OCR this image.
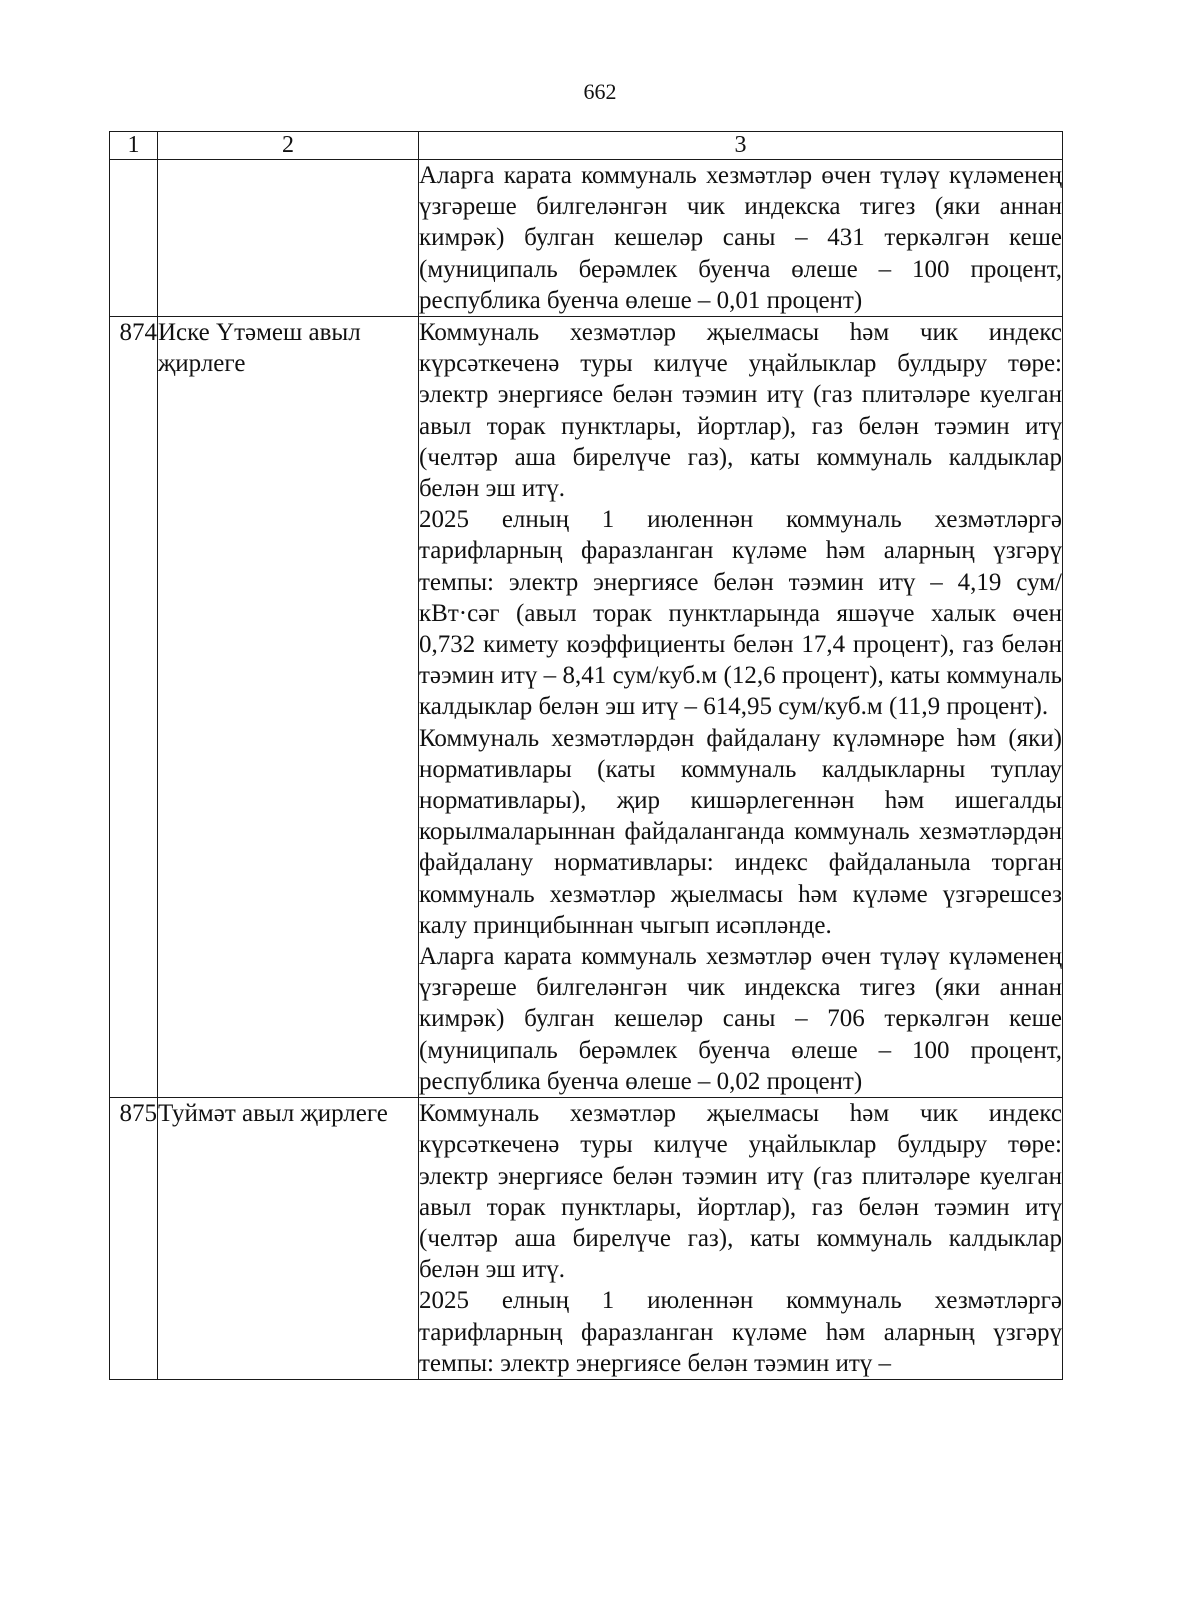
662
1	2	3

		Аларга карата коммуналь хезмәтләр өчен түләү күләменең үзгәреше билгеләнгән чик индекска тигез (яки аннан кимрәк) булган кешеләр саны – 431 теркәлгән кеше (муниципаль берәмлек буенча өлеше – 100 процент, республика буенча өлеше – 0,01 процент)

874	Иске Үтәмеш авыл җирлеге	Коммуналь хезмәтләр җыелмасы һәм чик индекс күрсәткеченә туры килүче уңайлыклар булдыру төре: электр энергиясе белән тәэмин итү (газ плитәләре куелган авыл торак пунктлары, йортлар), газ белән тәэмин итү (челтәр аша бирелүче газ), каты коммуналь калдыклар белән эш итү.

2025 елның 1 июленнән коммуналь хезмәтләргә тарифларның фаразланган күләме һәм аларның үзгәрү темпы: электр энергиясе белән тәэмин итү – 4,19 сум/кВт·сәг (авыл торак пунктларында яшәүче халык өчен 0,732 кимету коэффициенты белән 17,4 процент), газ белән тәэмин итү – 8,41 сум/куб.м (12,6 процент), каты коммуналь калдыклар белән эш итү – 614,95 сум/куб.м (11,9 процент).

Коммуналь хезмәтләрдән файдалану күләмнәре һәм (яки) нормативлары (каты коммуналь калдыкларны туплау нормативлары), җир кишәрлегеннән һәм ишегалды корылмаларыннан файдаланганда коммуналь хезмәтләрдән файдалану нормативлары: индекс файдаланыла торган коммуналь хезмәтләр җыелмасы һәм күләме үзгәрешсез калу принцибыннан чыгып исәпләнде.

Аларга карата коммуналь хезмәтләр өчен түләү күләменең үзгәреше билгеләнгән чик индекска тигез (яки аннан кимрәк) булган кешеләр саны – 706 теркәлгән кеше (муниципаль берәмлек буенча өлеше – 100 процент, республика буенча өлеше – 0,02 процент)

875	Туймәт авыл җирлеге	Коммуналь хезмәтләр җыелмасы һәм чик индекс күрсәткеченә туры килүче уңайлыклар булдыру төре: электр энергиясе белән тәэмин итү (газ плитәләре куелган авыл торак пунктлары, йортлар), газ белән тәэмин итү (челтәр аша бирелүче газ), каты коммуналь калдыклар белән эш итү.

2025 елның 1 июленнән коммуналь хезмәтләргә тарифларның фаразланган күләме һәм аларның үзгәрү темпы: электр энергиясе белән тәэмин итү –
